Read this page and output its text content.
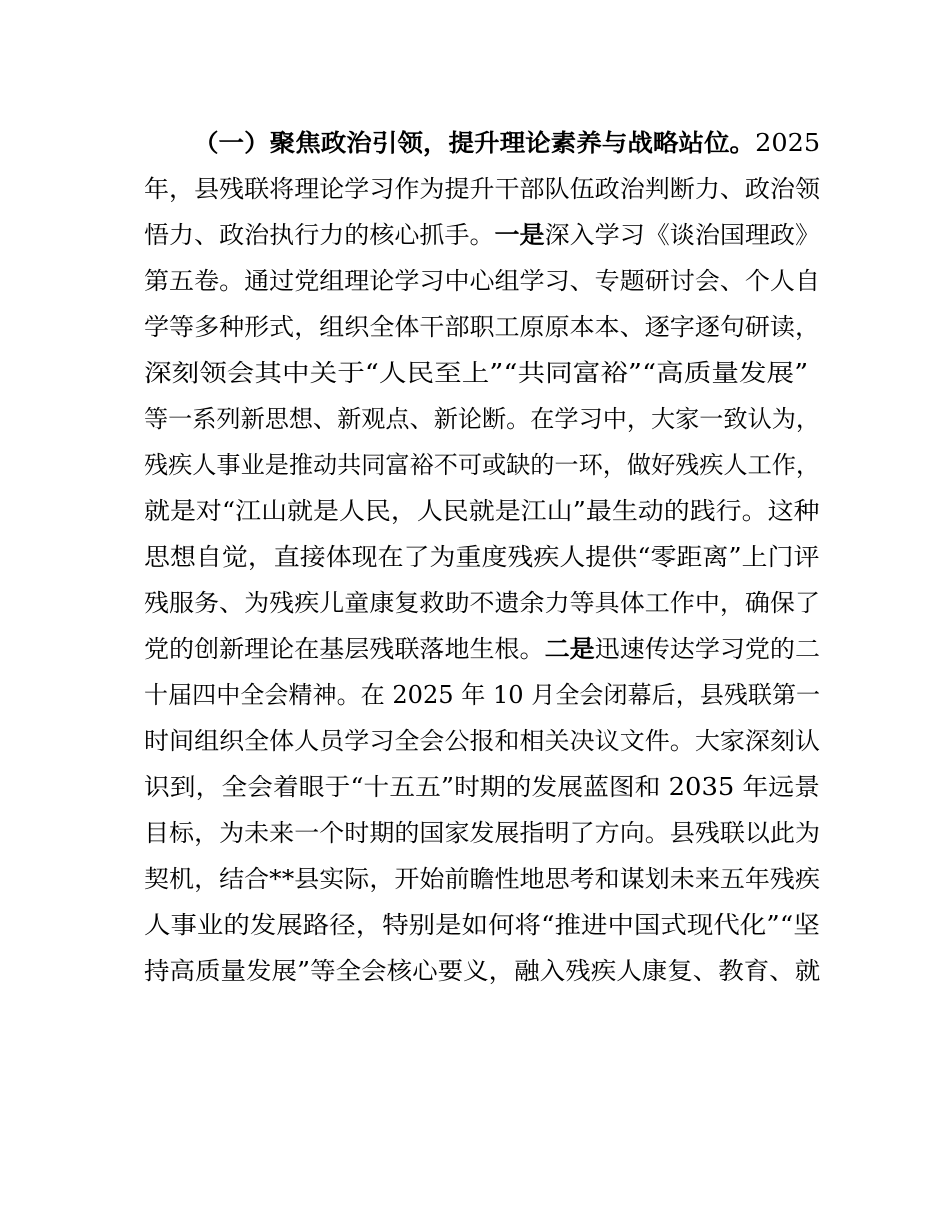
（一）聚焦政治引领，提升理论素养与战略站位。2025
年，县残联将理论学习作为提升干部队伍政治判断力、政治领
悟力、政治执行力的核心抓手。一是深入学习《谈治国理政》
第五卷。通过党组理论学习中心组学习、专题研讨会、个人自
学等多种形式，组织全体干部职工原原本本、逐字逐句研读，
深刻领会其中关于“人民至上”“共同富裕”“高质量发展”
等一系列新思想、新观点、新论断。在学习中，大家一致认为，
残疾人事业是推动共同富裕不可或缺的一环，做好残疾人工作，
就是对“江山就是人民，人民就是江山”最生动的践行。这种
思想自觉，直接体现在了为重度残疾人提供“零距离”上门评
残服务、为残疾儿童康复救助不遗余力等具体工作中，确保了
党的创新理论在基层残联落地生根。二是迅速传达学习党的二
十届四中全会精神。在 2025 年 10 月全会闭幕后，县残联第一
时间组织全体人员学习全会公报和相关决议文件。大家深刻认
识到，全会着眼于“十五五”时期的发展蓝图和 2035 年远景
目标，为未来一个时期的国家发展指明了方向。县残联以此为
契机，结合**县实际，开始前瞻性地思考和谋划未来五年残疾
人事业的发展路径，特别是如何将“推进中国式现代化”“坚
持高质量发展”等全会核心要义，融入残疾人康复、教育、就
